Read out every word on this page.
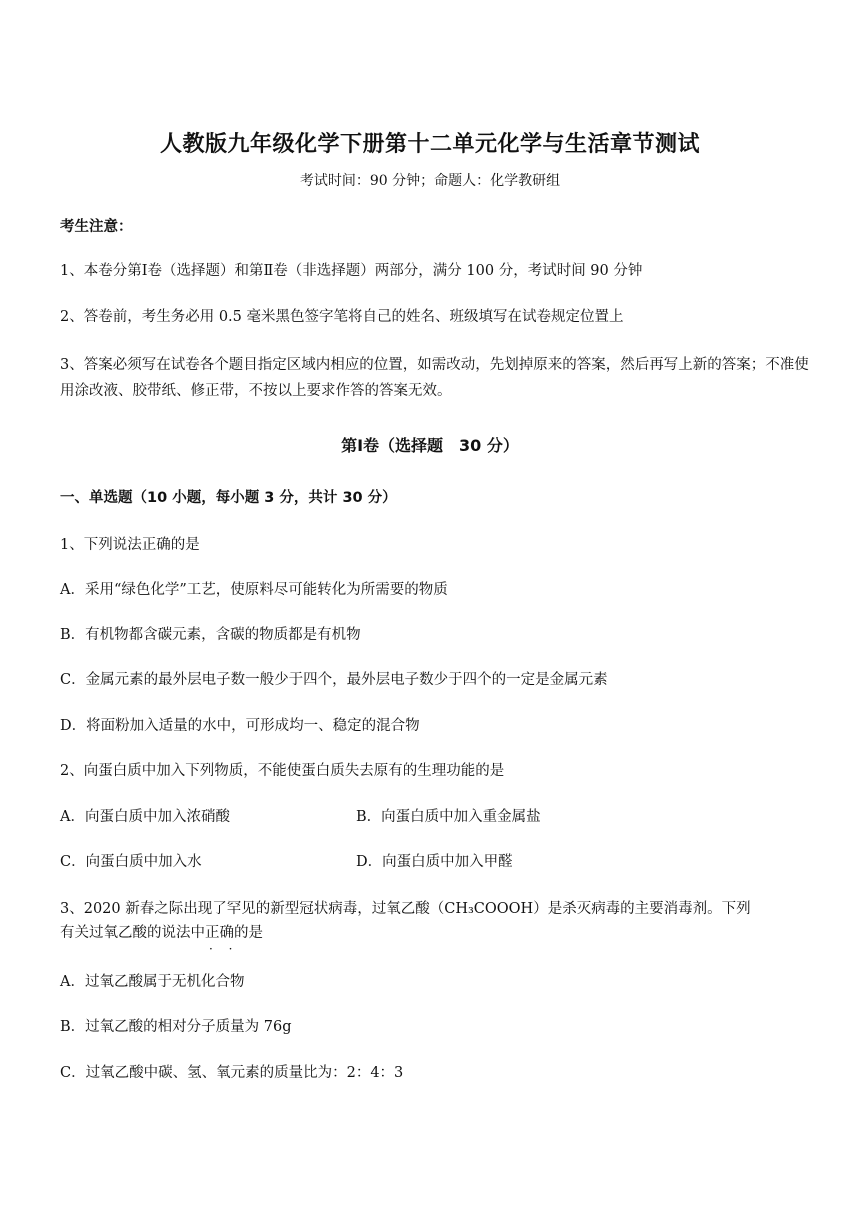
人教版九年级化学下册第十二单元化学与生活章节测试
考试时间：90 分钟；命题人：化学教研组
考生注意：
1、本卷分第Ⅰ卷（选择题）和第Ⅱ卷（非选择题）两部分，满分 100 分，考试时间 90 分钟
2、答卷前，考生务必用 0.5 毫米黑色签字笔将自己的姓名、班级填写在试卷规定位置上
3、答案必须写在试卷各个题目指定区域内相应的位置，如需改动，先划掉原来的答案，然后再写上新的答案；不准使用涂改液、胶带纸、修正带，不按以上要求作答的答案无效。
第Ⅰ卷（选择题　30 分）
一、单选题（10 小题，每小题 3 分，共计 30 分）
1、下列说法正确的是
A．采用“绿色化学”工艺，使原料尽可能转化为所需要的物质
B．有机物都含碳元素，含碳的物质都是有机物
C．金属元素的最外层电子数一般少于四个，最外层电子数少于四个的一定是金属元素
D．将面粉加入适量的水中，可形成均一、稳定的混合物
2、向蛋白质中加入下列物质，不能使蛋白质失去原有的生理功能的是
A．向蛋白质中加入浓硝酸	B．向蛋白质中加入重金属盐
C．向蛋白质中加入水	D．向蛋白质中加入甲醛
3、2020 新春之际出现了罕见的新型冠状病毒，过氧乙酸（CH₃COOOH）是杀灭病毒的主要消毒剂。下列
有关过氧乙酸的说法中正确 · ·的是
A．过氧乙酸属于无机化合物
B．过氧乙酸的相对分子质量为 76g
C．过氧乙酸中碳、氢、氧元素的质量比为：2：4：3
